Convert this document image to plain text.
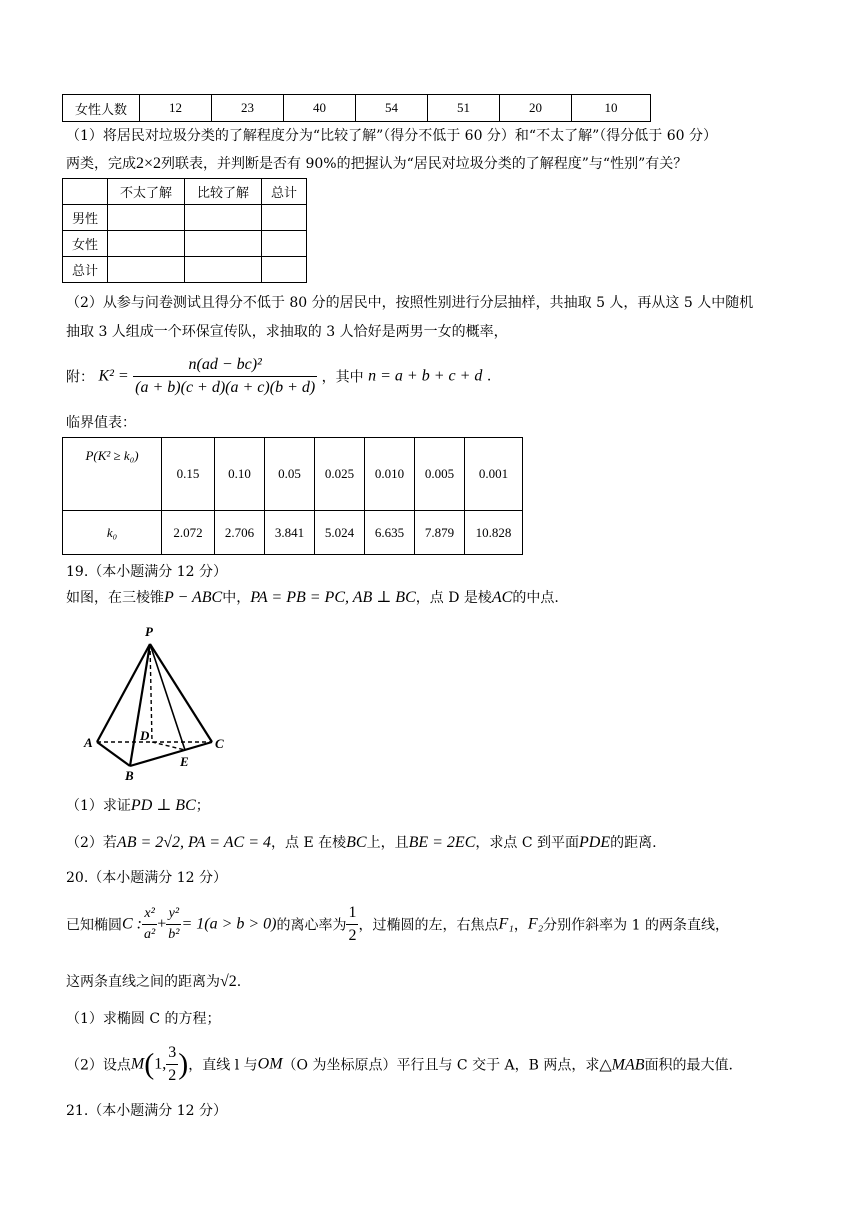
女性人数	12	23	40	54	51	20	10
（1）将居民对垃圾分类的了解程度分为“比较了解”（得分不低于 60 分）和“不太了解”（得分低于 60 分）
两类，完成2×2列联表，并判断是否有 90%的把握认为“居民对垃圾分类的了解程度”与“性别”有关？
	不太了解	比较了解	总计
男性			
女性			
总计			
（2）从参与问卷测试且得分不低于 80 分的居民中，按照性别进行分层抽样，共抽取 5 人，再从这 5 人中随机
抽取 3 人组成一个环保宣传队，求抽取的 3 人恰好是两男一女的概率，
附： $K^2 = \frac{\text{n(ad − bc)²}}{(a + b)(c + d)(a + c)(b + d)}$ ，其中 n = a + b + c + d .
临界值表：
P(K² ≥ k₀)	0.15	0.10	0.05	0.025	0.010	0.005	0.001
k₀	2.072	2.706	3.841	5.024	6.635	7.879	10.828
19.（本小题满分 12 分）
如图，在三棱锥P − ABC中，PA = PB = PC, AB ⊥ BC，点 D 是棱AC的中点.
P
A
B
C
D
E
（1）求证PD ⊥ BC；
（2）若AB = 2√2, PA = AC = 4，点 E 在棱BC上，且BE = 2EC，求点 C 到平面PDE的距离.
20.（本小题满分 12 分）
已知椭圆C : $\frac{\text{x²}}{\text{a²}} + \frac{\text{y²}}{\text{b²}} = 1(a > b > 0)$的离心率为 $\frac{1}{2}$ ，过椭圆的左，右焦点F₁，F₂分别作斜率为 1 的两条直线，
这两条直线之间的距离为√2.
（1）求椭圆 C 的方程；
（2）设点M(1, $\frac{3}{2}$ )，直线 l 与OM（O 为坐标原点）平行且与 C 交于 A，B 两点，求△MAB面积的最大值.
21.（本小题满分 12 分）
